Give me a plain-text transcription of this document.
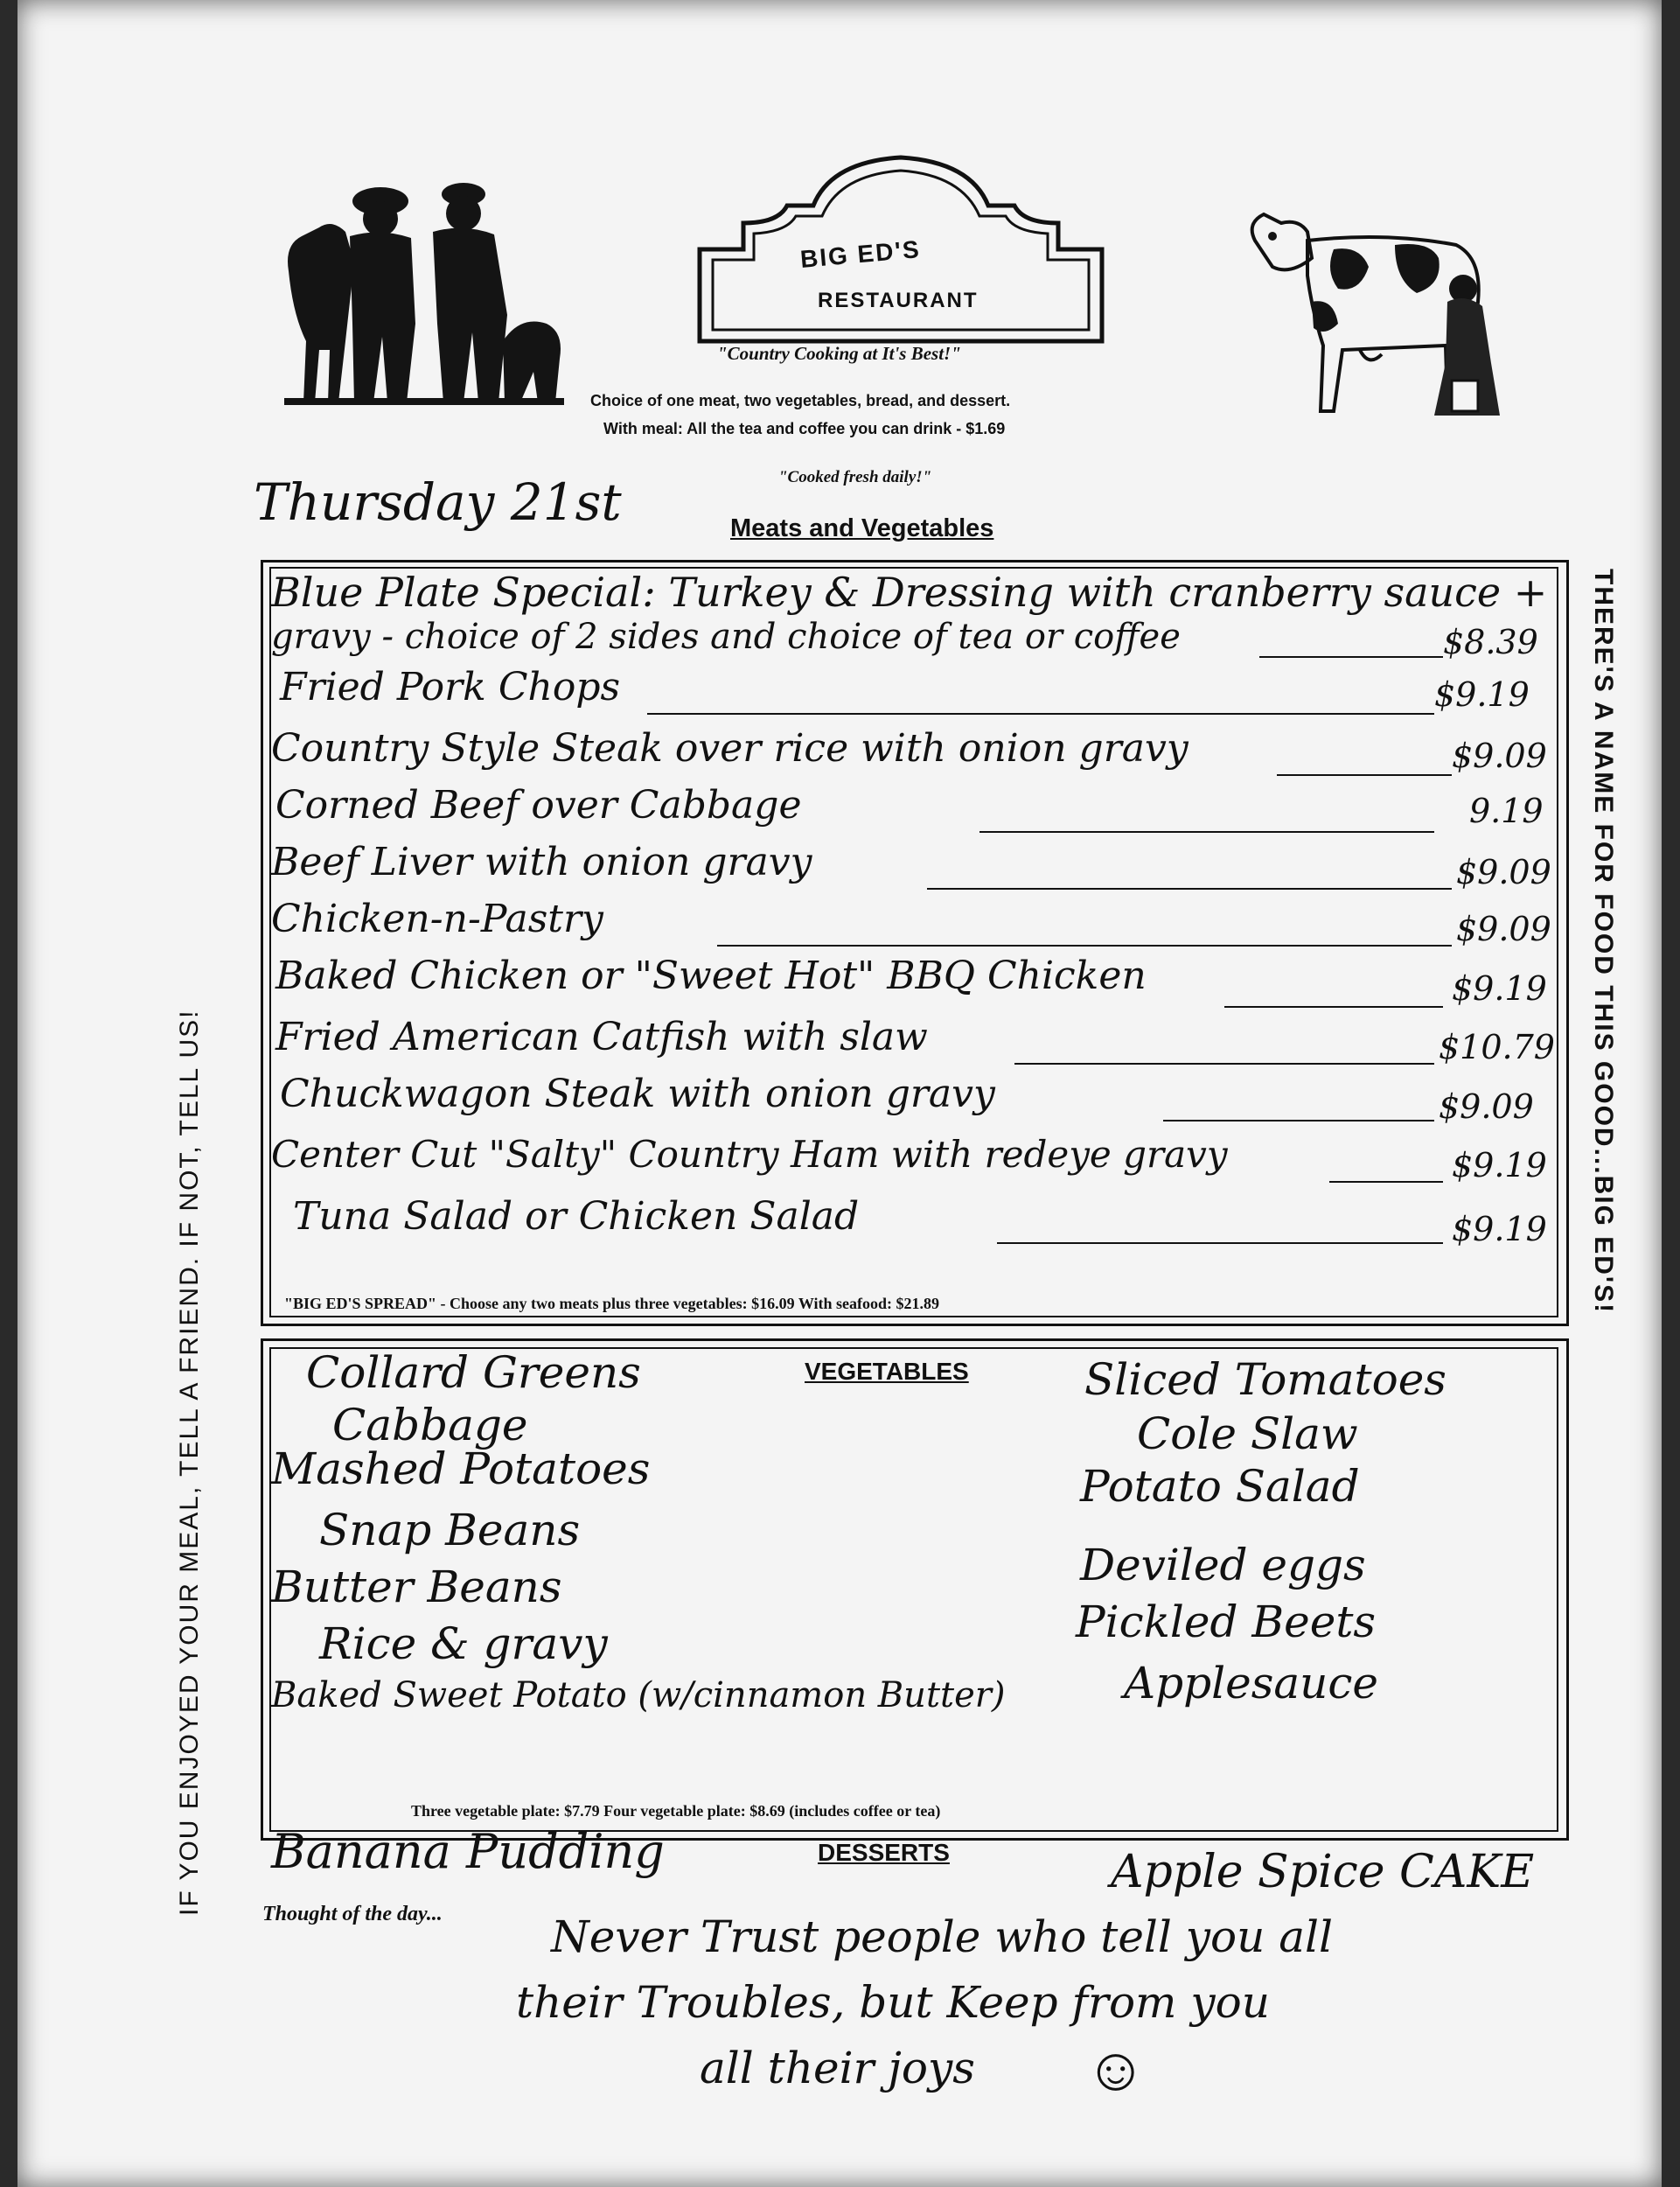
BIG ED'S
RESTAURANT
"Country Cooking at It's Best!"
Choice of one meat, two vegetables, bread, and dessert.
With meal: All the tea and coffee you can drink - $1.69
"Cooked fresh daily!"
Thursday 21st	Meats and Vegetables
IF YOU ENJOYED YOUR MEAL, TELL A FRIEND. IF NOT, TELL US!
THERE'S A NAME FOR FOOD THIS GOOD...BIG ED'S!
Blue Plate Special: Turkey & Dressing with cranberry sauce +
gravy - choice of 2 sides and choice of tea or coffee	$8.39
Fried Pork Chops	$9.19
Country Style Steak over rice with onion gravy	$9.09
Corned Beef over Cabbage	9.19
Beef Liver with onion gravy	$9.09
Chicken-n-Pastry	$9.09
Baked Chicken or "Sweet Hot" BBQ Chicken	$9.19
Fried American Catfish with slaw	$10.79
Chuckwagon Steak with onion gravy	$9.09
Center Cut "Salty" Country Ham with redeye gravy	$9.19
Tuna Salad or Chicken Salad	$9.19
"BIG ED'S SPREAD" - Choose any two meats plus three vegetables: $16.09 With seafood: $21.89
VEGETABLES
Collard Greens
Cabbage
Mashed Potatoes
Snap Beans
Butter Beans
Rice & gravy
Baked Sweet Potato (w/cinnamon Butter)
Sliced Tomatoes
Cole Slaw
Potato Salad
Deviled eggs
Pickled Beets
Applesauce
Three vegetable plate: $7.79 Four vegetable plate: $8.69 (includes coffee or tea)
DESSERTS
Banana Pudding	Apple Spice CAKE
Thought of the day... Never Trust people who tell you all
their Troubles, but Keep from you
all their joys ☺
